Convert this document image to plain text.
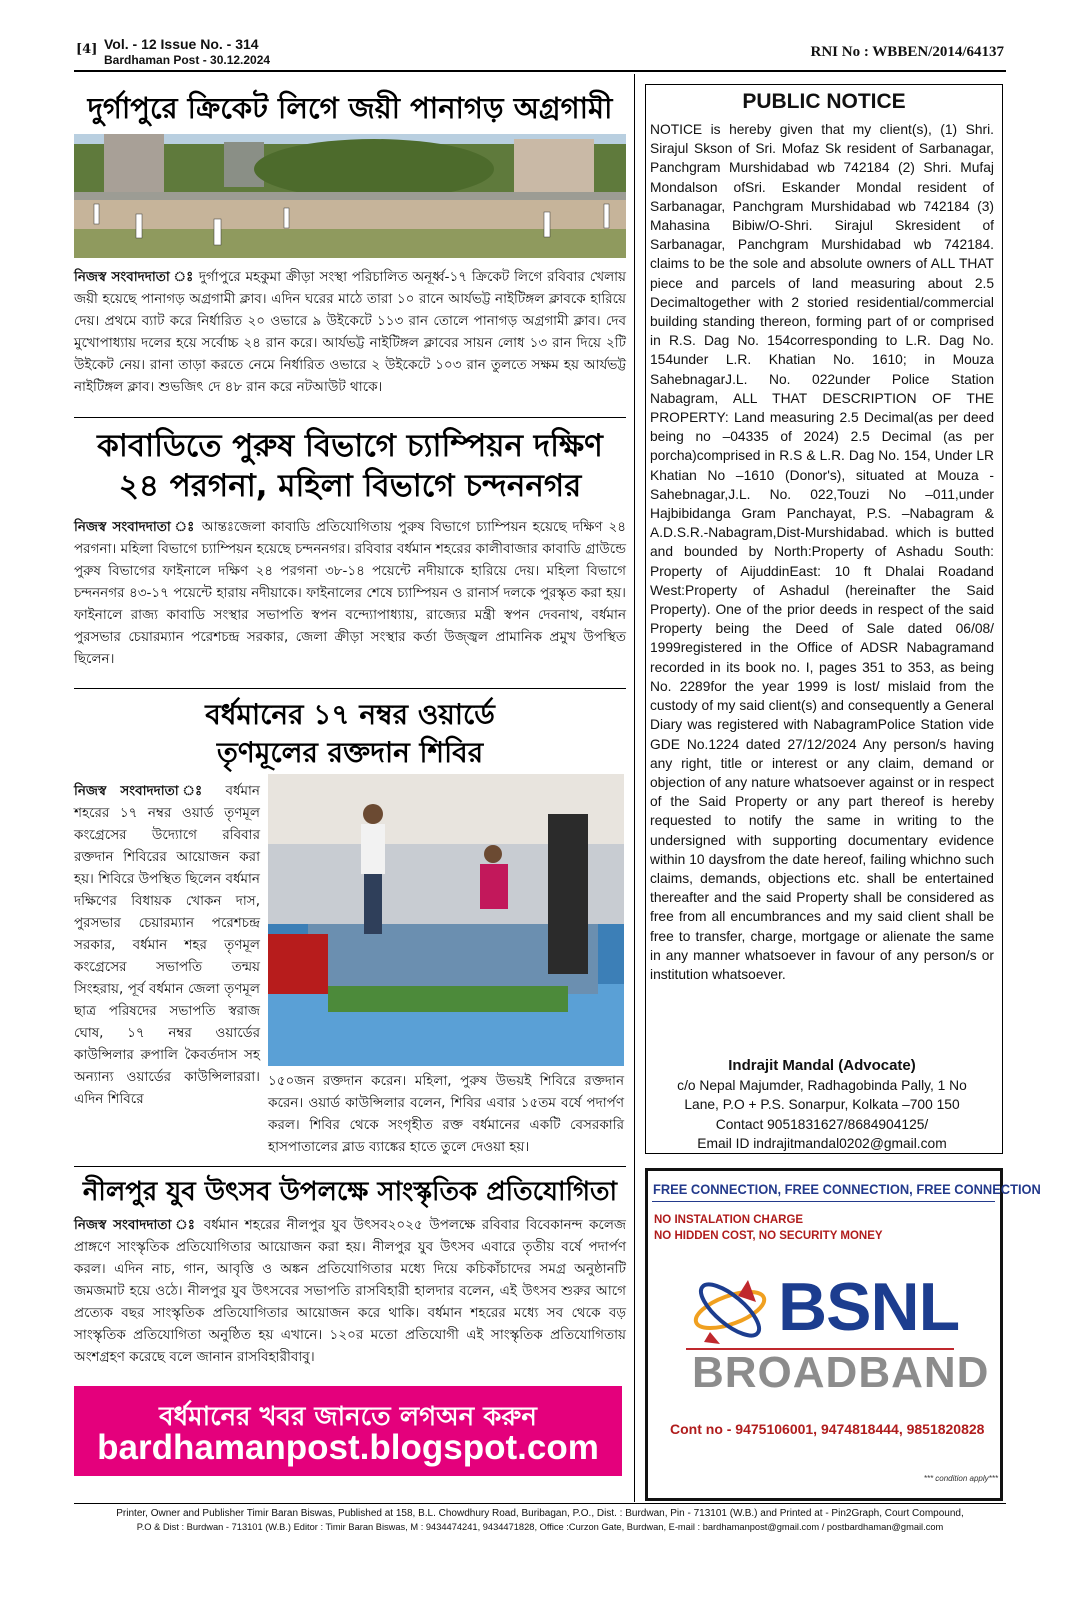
[4] Vol. - 12 Issue No. - 314
Bardhaman Post - 30.12.2024	RNI No : WBBEN/2014/64137
দুর্গাপুরে ক্রিকেট লিগে জয়ী পানাগড় অগ্রগামী
নিজস্ব সংবাদদাতা ঃ দুর্গাপুরে মহকুমা ক্রীড়া সংস্থা পরিচালিত অনূর্ধ্ব-১৭ ক্রিকেট লিগে রবিবার খেলায় জয়ী হয়েছে পানাগড় অগ্রগামী ক্লাব। এদিন ঘরের মাঠে তারা ১০ রানে আর্যভট্ট নাইটিঙ্গল ক্লাবকে হারিয়ে দেয়। প্রথমে ব্যাট করে নির্ধারিত ২০ ওভারে ৯ উইকেটে ১১৩ রান তোলে পানাগড় অগ্রগামী ক্লাব। দেব মুখোপাধ্যায় দলের হয়ে সর্বোচ্চ ২৪ রান করে। আর্যভট্ট নাইটিঙ্গল ক্লাবের সায়ন লোধ ১৩ রান দিয়ে ২টি উইকেট নেয়। রানা তাড়া করতে নেমে নির্ধারিত ওভারে ২ উইকেটে ১০৩ রান তুলতে সক্ষম হয় আর্যভট্ট নাইটিঙ্গল ক্লাব। শুভজিৎ দে ৪৮ রান করে নটআউট থাকে।
কাবাডিতে পুরুষ বিভাগে চ্যাম্পিয়ন দক্ষিণ ২৪ পরগনা, মহিলা বিভাগে চন্দননগর
নিজস্ব সংবাদদাতা ঃ আন্তঃজেলা কাবাডি প্রতিযোগিতায় পুরুষ বিভাগে চ্যাম্পিয়ন হয়েছে দক্ষিণ ২৪ পরগনা। মহিলা বিভাগে চ্যাম্পিয়ন হয়েছে চন্দননগর। রবিবার বর্ধমান শহরের কালীবাজার কাবাডি গ্রাউন্ডে পুরুষ বিভাগের ফাইনালে দক্ষিণ ২৪ পরগনা ৩৮-১৪ পয়েন্টে নদীয়াকে হারিয়ে দেয়। মহিলা বিভাগে চন্দননগর ৪৩-১৭ পয়েন্টে হারায় নদীয়াকে। ফাইনালের শেষে চ্যাম্পিয়ন ও রানার্স দলকে পুরস্কৃত করা হয়। ফাইনালে রাজ্য কাবাডি সংস্থার সভাপতি স্বপন বন্দ্যোপাধ্যায়, রাজ্যের মন্ত্রী স্বপন দেবনাথ, বর্ধমান পুরসভার চেয়ারম্যান পরেশচন্দ্র সরকার, জেলা ক্রীড়া সংস্থার কর্তা উজ্জ্বল প্রামানিক প্রমুখ উপস্থিত ছিলেন।
বর্ধমানের ১৭ নম্বর ওয়ার্ডে তৃণমূলের রক্তদান শিবির
নিজস্ব সংবাদদাতা ঃ বর্ধমান শহরের ১৭ নম্বর ওয়ার্ড তৃণমূল কংগ্রেসের উদ্যোগে রবিবার রক্তদান শিবিরের আয়োজন করা হয়। শিবিরে উপস্থিত ছিলেন বর্ধমান দক্ষিণের বিধায়ক খোকন দাস, পুরসভার চেয়ারম্যান পরেশচন্দ্র সরকার, বর্ধমান শহর তৃণমূল কংগ্রেসের সভাপতি তন্ময় সিংহরায়, পূর্ব বর্ধমান জেলা তৃণমূল ছাত্র পরিষদের সভাপতি স্বরাজ ঘোষ, ১৭ নম্বর ওয়ার্ডের কাউন্সিলার রুপালি কৈবর্তদাস সহ অন্যান্য ওয়ার্ডের কাউন্সিলাররা। এদিন শিবিরে
১৫০জন রক্তদান করেন। মহিলা, পুরুষ উভয়ই শিবিরে রক্তদান করেন। ওয়ার্ড কাউন্সিলার বলেন, শিবির এবার ১৫তম বর্ষে পদার্পণ করল। শিবির থেকে সংগৃহীত রক্ত বর্ধমানের একটি বেসরকারি হাসপাতালের ব্লাড ব্যাঙ্কের হাতে তুলে দেওয়া হয়।
নীলপুর যুব উৎসব উপলক্ষে সাংস্কৃতিক প্রতিযোগিতা
নিজস্ব সংবাদদাতা ঃ বর্ধমান শহরের নীলপুর যুব উৎসব২০২৫ উপলক্ষে রবিবার বিবেকানন্দ কলেজ প্রাঙ্গণে সাংস্কৃতিক প্রতিযোগিতার আয়োজন করা হয়। নীলপুর যুব উৎসব এবারে তৃতীয় বর্ষে পদার্পণ করল। এদিন নাচ, গান, আবৃত্তি ও অঙ্কন প্রতিযোগিতার মধ্যে দিয়ে কচিকাঁচাদের সমগ্র অনুষ্ঠানটি জমজমাট হয়ে ওঠে। নীলপুর যুব উৎসবের সভাপতি রাসবিহারী হালদার বলেন, এই উৎসব শুরুর আগে প্রত্যেক বছর সাংস্কৃতিক প্রতিযোগিতার আয়োজন করে থাকি। বর্ধমান শহরের মধ্যে সব থেকে বড় সাংস্কৃতিক প্রতিযোগিতা অনুষ্ঠিত হয় এখানে। ১২০র মতো প্রতিযোগী এই সাংস্কৃতিক প্রতিযোগিতায় অংশগ্রহণ করেছে বলে জানান রাসবিহারীবাবু।
বর্ধমানের খবর জানতে লগঅন করুন
bardhamanpost.blogspot.com
PUBLIC NOTICE
NOTICE is hereby given that my client(s), (1) Shri. Sirajul Skson of Sri. Mofaz Sk resident of Sarbanagar, Panchgram Murshidabad wb 742184 (2) Shri. Mufaj Mondalson ofSri. Eskander Mondal resident of Sarbanagar, Panchgram Murshidabad wb 742184 (3) Mahasina Bibiw/O-Shri. Sirajul Skresident of Sarbanagar, Panchgram Murshidabad wb 742184. claims to be the sole and absolute owners of ALL THAT piece and parcels of land measuring about 2.5 Decimaltogether with 2 storied residential/commercial building standing thereon, forming part of or comprised in R.S. Dag No. 154corresponding to L.R. Dag No. 154under L.R. Khatian No. 1610; in Mouza SahebnagarJ.L. No. 022under Police Station Nabagram, ALL THAT DESCRIPTION OF THE PROPERTY: Land measuring 2.5 Decimal(as per deed being no –04335 of 2024) 2.5 Decimal (as per porcha)comprised in R.S & L.R. Dag No. 154, Under LR Khatian No –1610 (Donor's), situated at Mouza -Sahebnagar,J.L. No. 022,Touzi No –011,under Hajbibidanga Gram Panchayat, P.S. –Nabagram & A.D.S.R.-Nabagram,Dist-Murshidabad. which is butted and bounded by North:Property of Ashadu South: Property of AijuddinEast: 10 ft Dhalai Roadand West:Property of Ashadul (hereinafter the Said Property). One of the prior deeds in respect of the said Property being the Deed of Sale dated 06/08/ 1999registered in the Office of ADSR Nabagramand recorded in its book no. I, pages 351 to 353, as being No. 2289for the year 1999 is lost/ mislaid from the custody of my said client(s) and consequently a General Diary was registered with NabagramPolice Station vide GDE No.1224 dated 27/12/2024 Any person/s having any right, title or interest or any claim, demand or objection of any nature whatsoever against or in respect of the Said Property or any part thereof is hereby requested to notify the same in writing to the undersigned with supporting documentary evidence within 10 daysfrom the date hereof, failing whichno such claims, demands, objections etc. shall be entertained thereafter and the said Property shall be considered as free from all encumbrances and my said client shall be free to transfer, charge, mortgage or alienate the same in any manner whatsoever in favour of any person/s or institution whatsoever.
Indrajit Mandal (Advocate)
c/o Nepal Majumder, Radhagobinda Pally, 1 No
Lane, P.O + P.S. Sonarpur, Kolkata –700 150
Contact 9051831627/8684904125/
Email ID indrajitmandal0202@gmail.com
FREE CONNECTION, FREE CONNECTION, FREE CONNECTION
NO INSTALATION CHARGE
NO HIDDEN COST, NO SECURITY MONEY
BSNL
BROADBAND
Cont no - 9475106001, 9474818444, 9851820828
*** condition apply***
Printer, Owner and Publisher Timir Baran Biswas, Published at 158, B.L. Chowdhury Road, Buribagan, P.O., Dist. : Burdwan, Pin - 713101 (W.B.) and Printed at - Pin2Graph, Court Compound,
P.O & Dist : Burdwan - 713101 (W.B.) Editor : Timir Baran Biswas, M : 9434474241, 9434471828, Office :Curzon Gate, Burdwan, E-mail : bardhamanpost@gmail.com / postbardhaman@gmail.com
